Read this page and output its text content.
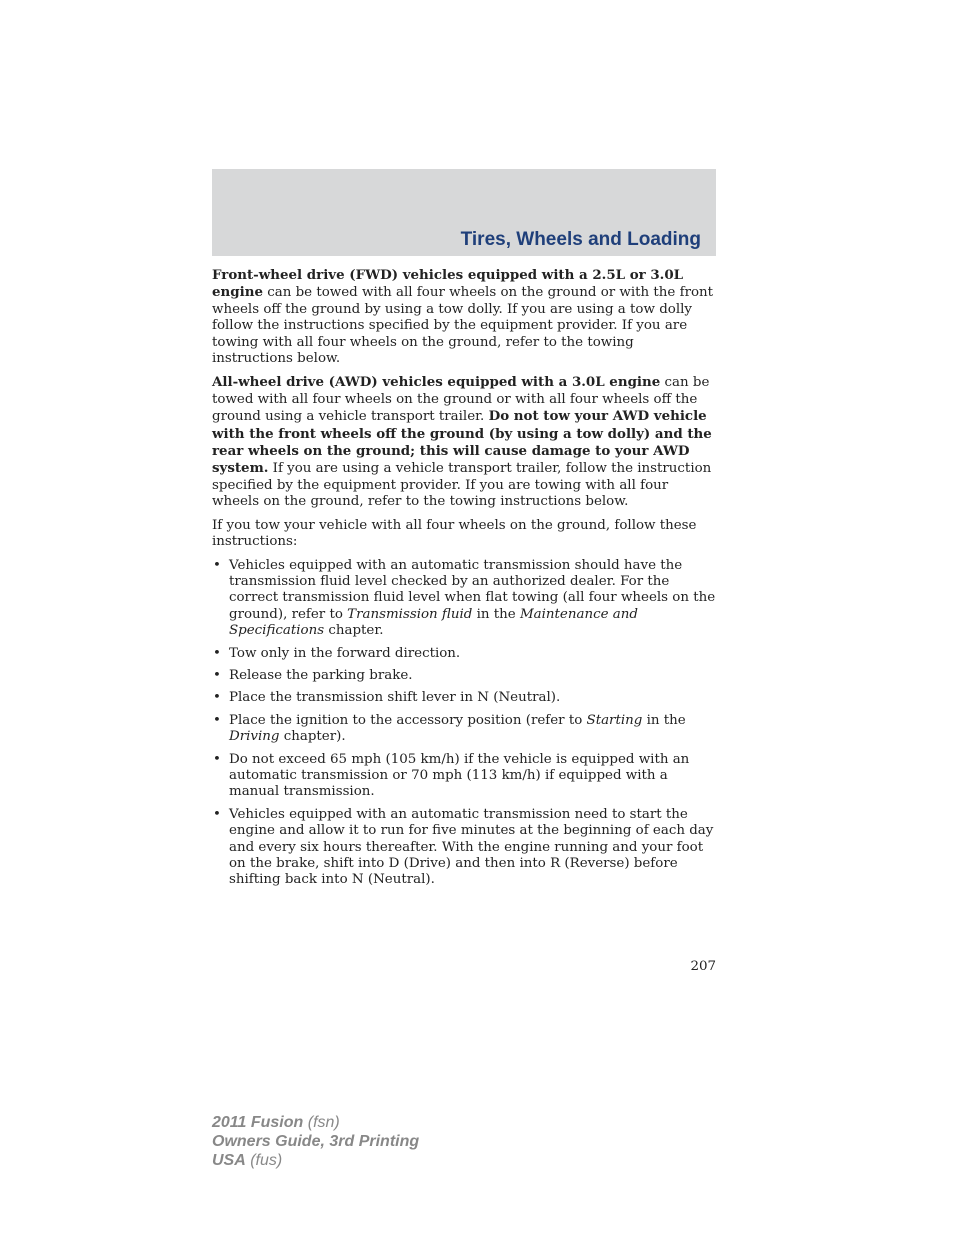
Tires, Wheels and Loading

Front-wheel drive (FWD) vehicles equipped with a 2.5L or 3.0L engine can be towed with all four wheels on the ground or with the front wheels off the ground by using a tow dolly. If you are using a tow dolly follow the instructions specified by the equipment provider. If you are towing with all four wheels on the ground, refer to the towing instructions below.

All-wheel drive (AWD) vehicles equipped with a 3.0L engine can be towed with all four wheels on the ground or with all four wheels off the ground using a vehicle transport trailer. Do not tow your AWD vehicle with the front wheels off the ground (by using a tow dolly) and the rear wheels on the ground; this will cause damage to your AWD system. If you are using a vehicle transport trailer, follow the instruction specified by the equipment provider. If you are towing with all four wheels on the ground, refer to the towing instructions below.

If you tow your vehicle with all four wheels on the ground, follow these instructions:

• Vehicles equipped with an automatic transmission should have the transmission fluid level checked by an authorized dealer. For the correct transmission fluid level when flat towing (all four wheels on the ground), refer to Transmission fluid in the Maintenance and Specifications chapter.
• Tow only in the forward direction.
• Release the parking brake.
• Place the transmission shift lever in N (Neutral).
• Place the ignition to the accessory position (refer to Starting in the Driving chapter).
• Do not exceed 65 mph (105 km/h) if the vehicle is equipped with an automatic transmission or 70 mph (113 km/h) if equipped with a manual transmission.
• Vehicles equipped with an automatic transmission need to start the engine and allow it to run for five minutes at the beginning of each day and every six hours thereafter. With the engine running and your foot on the brake, shift into D (Drive) and then into R (Reverse) before shifting back into N (Neutral).
207
2011 Fusion (fsn)
Owners Guide, 3rd Printing
USA (fus)
